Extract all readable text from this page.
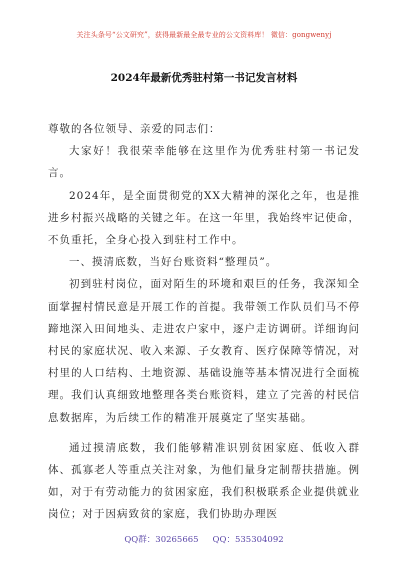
关注头条号“公文研究”，获得最新最全最专业的公文资料库！ 微信：gongwenyj
2024年最新优秀驻村第一书记发言材料

尊敬的各位领导、亲爱的同志们：

大家好！我很荣幸能够在这里作为优秀驻村第一书记发言。

2024年，是全面贯彻党的XX大精神的深化之年，也是推进乡村振兴战略的关键之年。在这一年里，我始终牢记使命，不负重托，全身心投入到驻村工作中。

一、摸清底数，当好台账资料“整理员”。

初到驻村岗位，面对陌生的环境和艰巨的任务，我深知全面掌握村情民意是开展工作的首提。我带领工作队员们马不停蹄地深入田间地头、走进农户家中，逐户走访调研。详细询问村民的家庭状况、收入来源、子女教育、医疗保障等情况，对村里的人口结构、土地资源、基础设施等基本情况进行全面梳理。我们认真细致地整理各类台账资料，建立了完善的村民信息数据库，为后续工作的精准开展奠定了坚实基础。

通过摸清底数，我们能够精准识别贫困家庭、低收入群体、孤寡老人等重点关注对象，为他们量身定制帮扶措施。例如，对于有劳动能力的贫困家庭，我们积极联系企业提供就业岗位；对于因病致贫的家庭，我们协助办理医

QQ群：30265665 QQ：535304092
